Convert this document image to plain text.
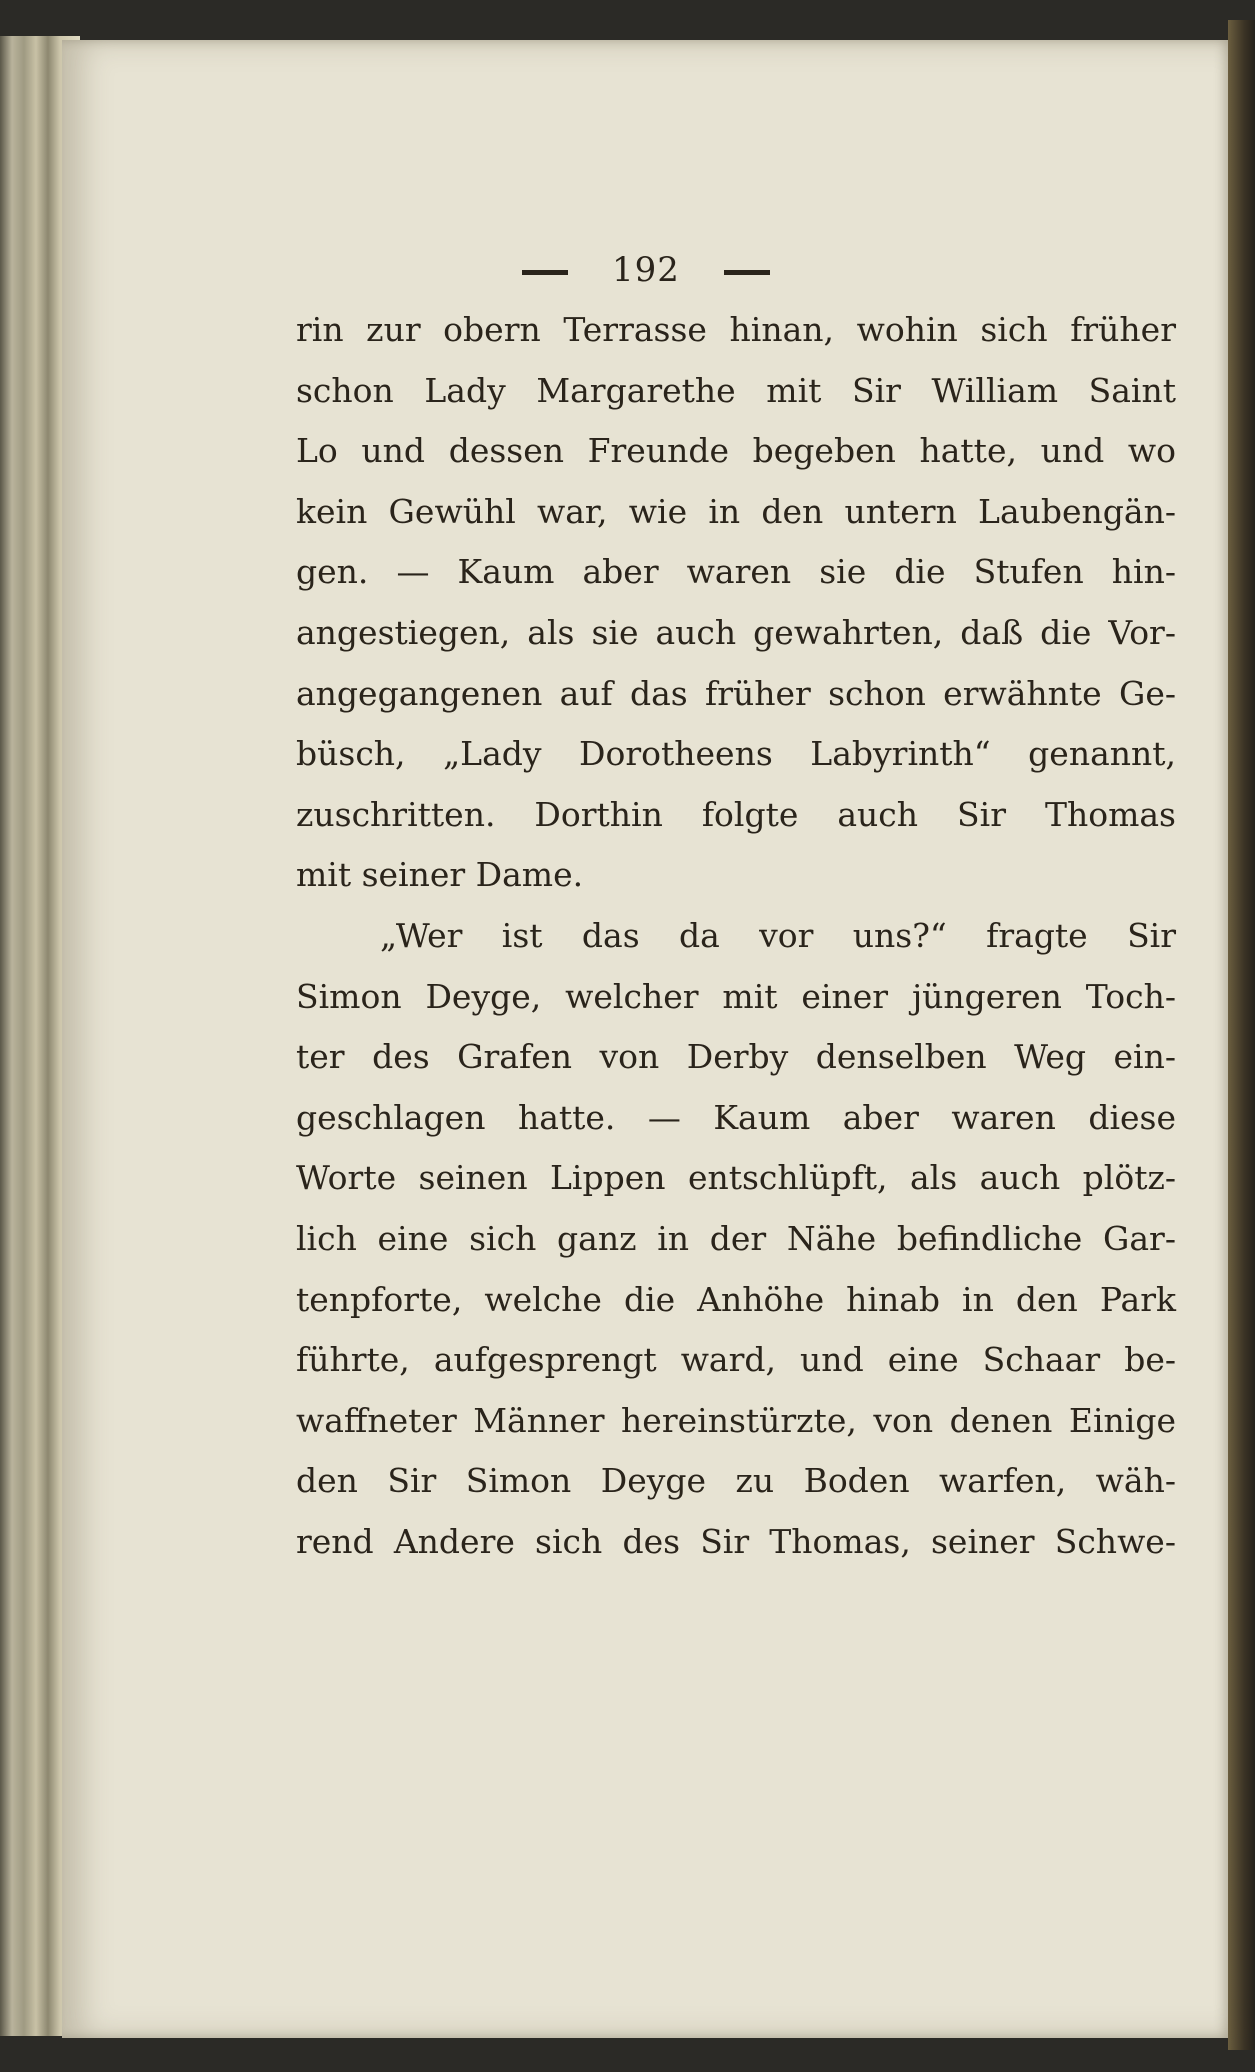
192
rin zur obern Terrasse hinan, wohin sich früher
schon Lady Margarethe mit Sir William Saint
Lo und dessen Freunde begeben hatte, und wo
kein Gewühl war, wie in den untern Laubengän-
gen. — Kaum aber waren sie die Stufen hin-
angestiegen, als sie auch gewahrten, daß die Vor-
angegangenen auf das früher schon erwähnte Ge-
büsch, „Lady Dorotheens Labyrinth“ genannt,
zuschritten. Dorthin folgte auch Sir Thomas
mit seiner Dame.
„Wer ist das da vor uns?“ fragte Sir
Simon Deyge, welcher mit einer jüngeren Toch-
ter des Grafen von Derby denselben Weg ein-
geschlagen hatte. — Kaum aber waren diese
Worte seinen Lippen entschlüpft, als auch plötz-
lich eine sich ganz in der Nähe befindliche Gar-
tenpforte, welche die Anhöhe hinab in den Park
führte, aufgesprengt ward, und eine Schaar be-
waffneter Männer hereinstürzte, von denen Einige
den Sir Simon Deyge zu Boden warfen, wäh-
rend Andere sich des Sir Thomas, seiner Schwe-
